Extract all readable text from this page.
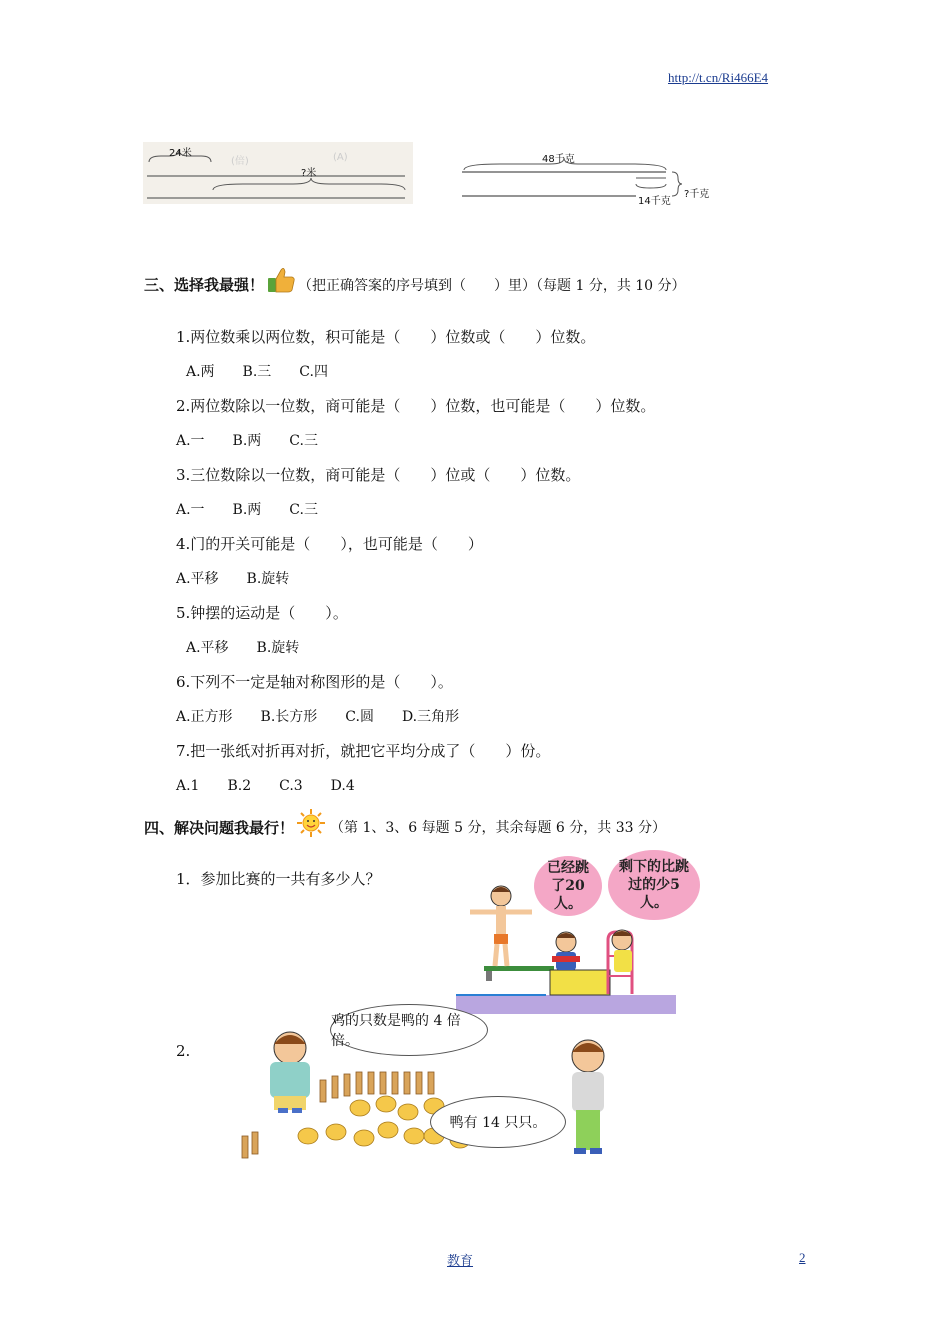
http://t.cn/Ri466E4
24米
(倍)	(A)
?米
48千克
14千克
?千克
三、选择我最强！ （把正确答案的序号填到（　　）里）（每题 1 分，共 10 分）
1.两位数乘以两位数，积可能是（　　）位数或（　　）位数。
A.两　　B.三　　C.四
2.两位数除以一位数，商可能是（　　）位数，也可能是（　　）位数。
A.一　　B.两　　C.三
3.三位数除以一位数，商可能是（　　）位或（　　）位数。
A.一　　B.两　　C.三
4.门的开关可能是（　　），也可能是（　　）
A.平移　　B.旋转
5.钟摆的运动是（　　）。
A.平移　　B.旋转
6.下列不一定是轴对称图形的是（　　）。
A.正方形　　B.长方形　　C.圆　　D.三角形
7.把一张纸对折再对折，就把它平均分成了（　　）份。
A.1　　B.2　　C.3　　D.4
四、解决问题我最行！	（第 1、3、6 每题 5 分，其余每题 6 分，共 33 分）
1．参加比赛的一共有多少人？
已经跳了20人。
剩下的比跳过的少5人。
2.
鸡的只数是鸭的 4 倍倍。
鸭有 14 只只。
教育	2
